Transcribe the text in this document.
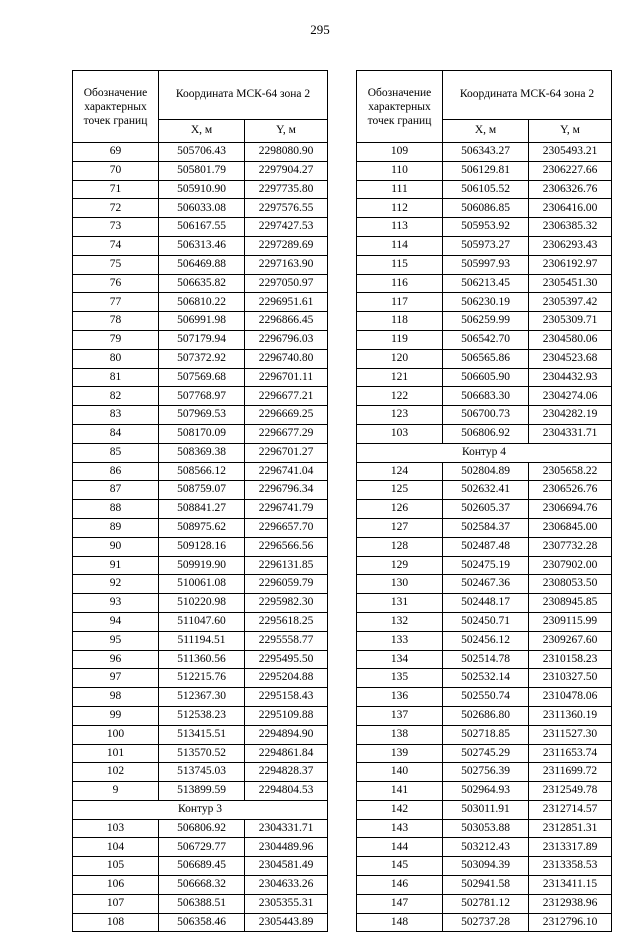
295
Обозначение характерных точек границ	Координата МСК-64 зона 2	
	X, м	Y, м
69	505706.43	2298080.90
70	505801.79	2297904.27
71	505910.90	2297735.80
72	506033.08	2297576.55
73	506167.55	2297427.53
74	506313.46	2297289.69
75	506469.88	2297163.90
76	506635.82	2297050.97
77	506810.22	2296951.61
78	506991.98	2296866.45
79	507179.94	2296796.03
80	507372.92	2296740.80
81	507569.68	2296701.11
82	507768.97	2296677.21
83	507969.53	2296669.25
84	508170.09	2296677.29
85	508369.38	2296701.27
86	508566.12	2296741.04
87	508759.07	2296796.34
88	508841.27	2296741.79
89	508975.62	2296657.70
90	509128.16	2296566.56
91	509919.90	2296131.85
92	510061.08	2296059.79
93	510220.98	2295982.30
94	511047.60	2295618.25
95	511194.51	2295558.77
96	511360.56	2295495.50
97	512215.76	2295204.88
98	512367.30	2295158.43
99	512538.23	2295109.88
100	513415.51	2294894.90
101	513570.52	2294861.84
102	513745.03	2294828.37
9	513899.59	2294804.53
Контур 3		
103	506806.92	2304331.71
104	506729.77	2304489.96
105	506689.45	2304581.49
106	506668.32	2304633.26
107	506388.51	2305355.31
108	506358.46	2305443.89
Обозначение характерных точек границ	Координата МСК-64 зона 2	
	X, м	Y, м
109	506343.27	2305493.21
110	506129.81	2306227.66
111	506105.52	2306326.76
112	506086.85	2306416.00
113	505953.92	2306385.32
114	505973.27	2306293.43
115	505997.93	2306192.97
116	506213.45	2305451.30
117	506230.19	2305397.42
118	506259.99	2305309.71
119	506542.70	2304580.06
120	506565.86	2304523.68
121	506605.90	2304432.93
122	506683.30	2304274.06
123	506700.73	2304282.19
103	506806.92	2304331.71
Контур 4		
124	502804.89	2305658.22
125	502632.41	2306526.76
126	502605.37	2306694.76
127	502584.37	2306845.00
128	502487.48	2307732.28
129	502475.19	2307902.00
130	502467.36	2308053.50
131	502448.17	2308945.85
132	502450.71	2309115.99
133	502456.12	2309267.60
134	502514.78	2310158.23
135	502532.14	2310327.50
136	502550.74	2310478.06
137	502686.80	2311360.19
138	502718.85	2311527.30
139	502745.29	2311653.74
140	502756.39	2311699.72
141	502964.93	2312549.78
142	503011.91	2312714.57
143	503053.88	2312851.31
144	503212.43	2313317.89
145	503094.39	2313358.53
146	502941.58	2313411.15
147	502781.12	2312938.96
148	502737.28	2312796.10
